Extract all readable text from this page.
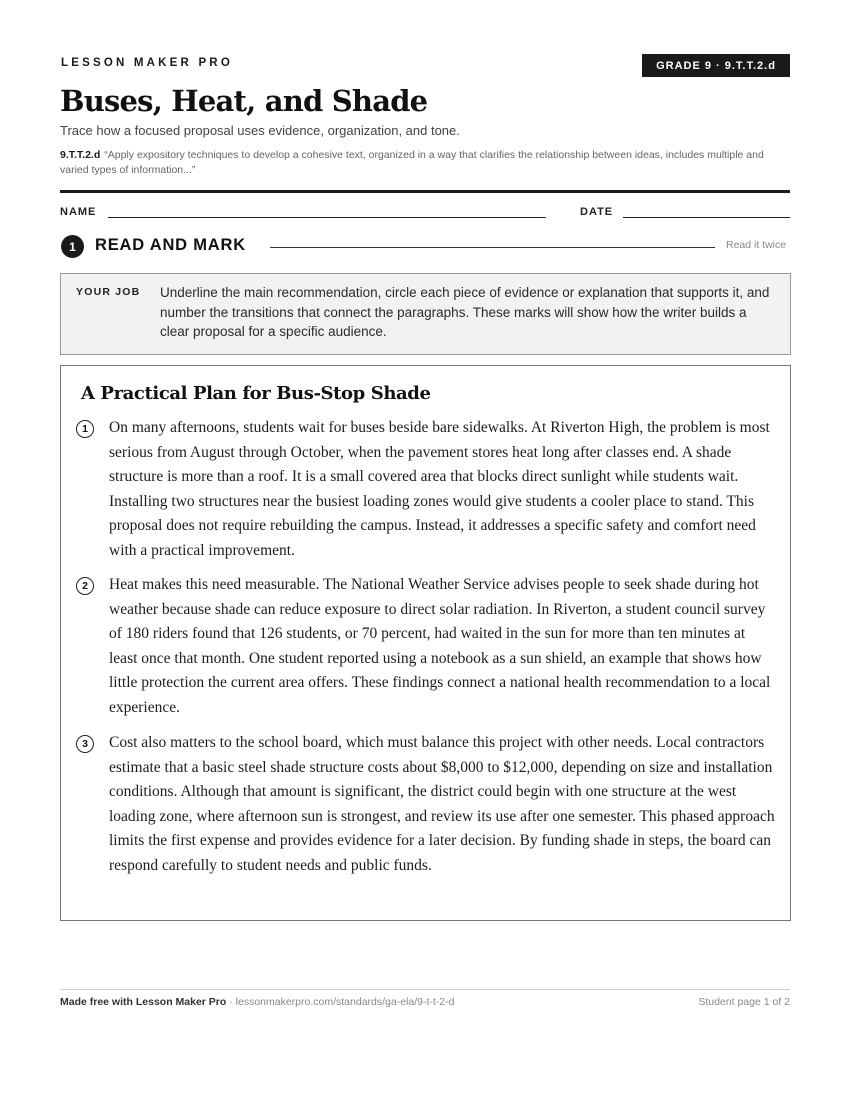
LESSON MAKER PRO	GRADE 9 · 9.T.T.2.d
Buses, Heat, and Shade
Trace how a focused proposal uses evidence, organization, and tone.
9.T.T.2.d “Apply expository techniques to develop a cohesive text, organized in a way that clarifies the relationship between ideas, includes multiple and varied types of information...”
NAME	DATE
1	READ AND MARK	Read it twice
YOUR JOB Underline the main recommendation, circle each piece of evidence or explanation that supports it, and number the transitions that connect the paragraphs. These marks will show how the writer builds a clear proposal for a specific audience.
A Practical Plan for Bus-Stop Shade
1	On many afternoons, students wait for buses beside bare sidewalks. At Riverton High, the problem is most serious from August through October, when the pavement stores heat long after classes end. A shade structure is more than a roof. It is a small covered area that blocks direct sunlight while students wait. Installing two structures near the busiest loading zones would give students a cooler place to stand. This proposal does not require rebuilding the campus. Instead, it addresses a specific safety and comfort need with a practical improvement.

2	Heat makes this need measurable. The National Weather Service advises people to seek shade during hot weather because shade can reduce exposure to direct solar radiation. In Riverton, a student council survey of 180 riders found that 126 students, or 70 percent, had waited in the sun for more than ten minutes at least once that month. One student reported using a notebook as a sun shield, an example that shows how little protection the current area offers. These findings connect a national health recommendation to a local experience.

3	Cost also matters to the school board, which must balance this project with other needs. Local contractors estimate that a basic steel shade structure costs about $8,000 to $12,000, depending on size and installation conditions. Although that amount is significant, the district could begin with one structure at the west loading zone, where afternoon sun is strongest, and review its use after one semester. This phased approach limits the first expense and provides evidence for a later decision. By funding shade in steps, the board can respond carefully to student needs and public funds.

Made free with Lesson Maker Pro · lessonmakerpro.com/standards/ga-ela/9-t-t-2-d	Student page 1 of 2
